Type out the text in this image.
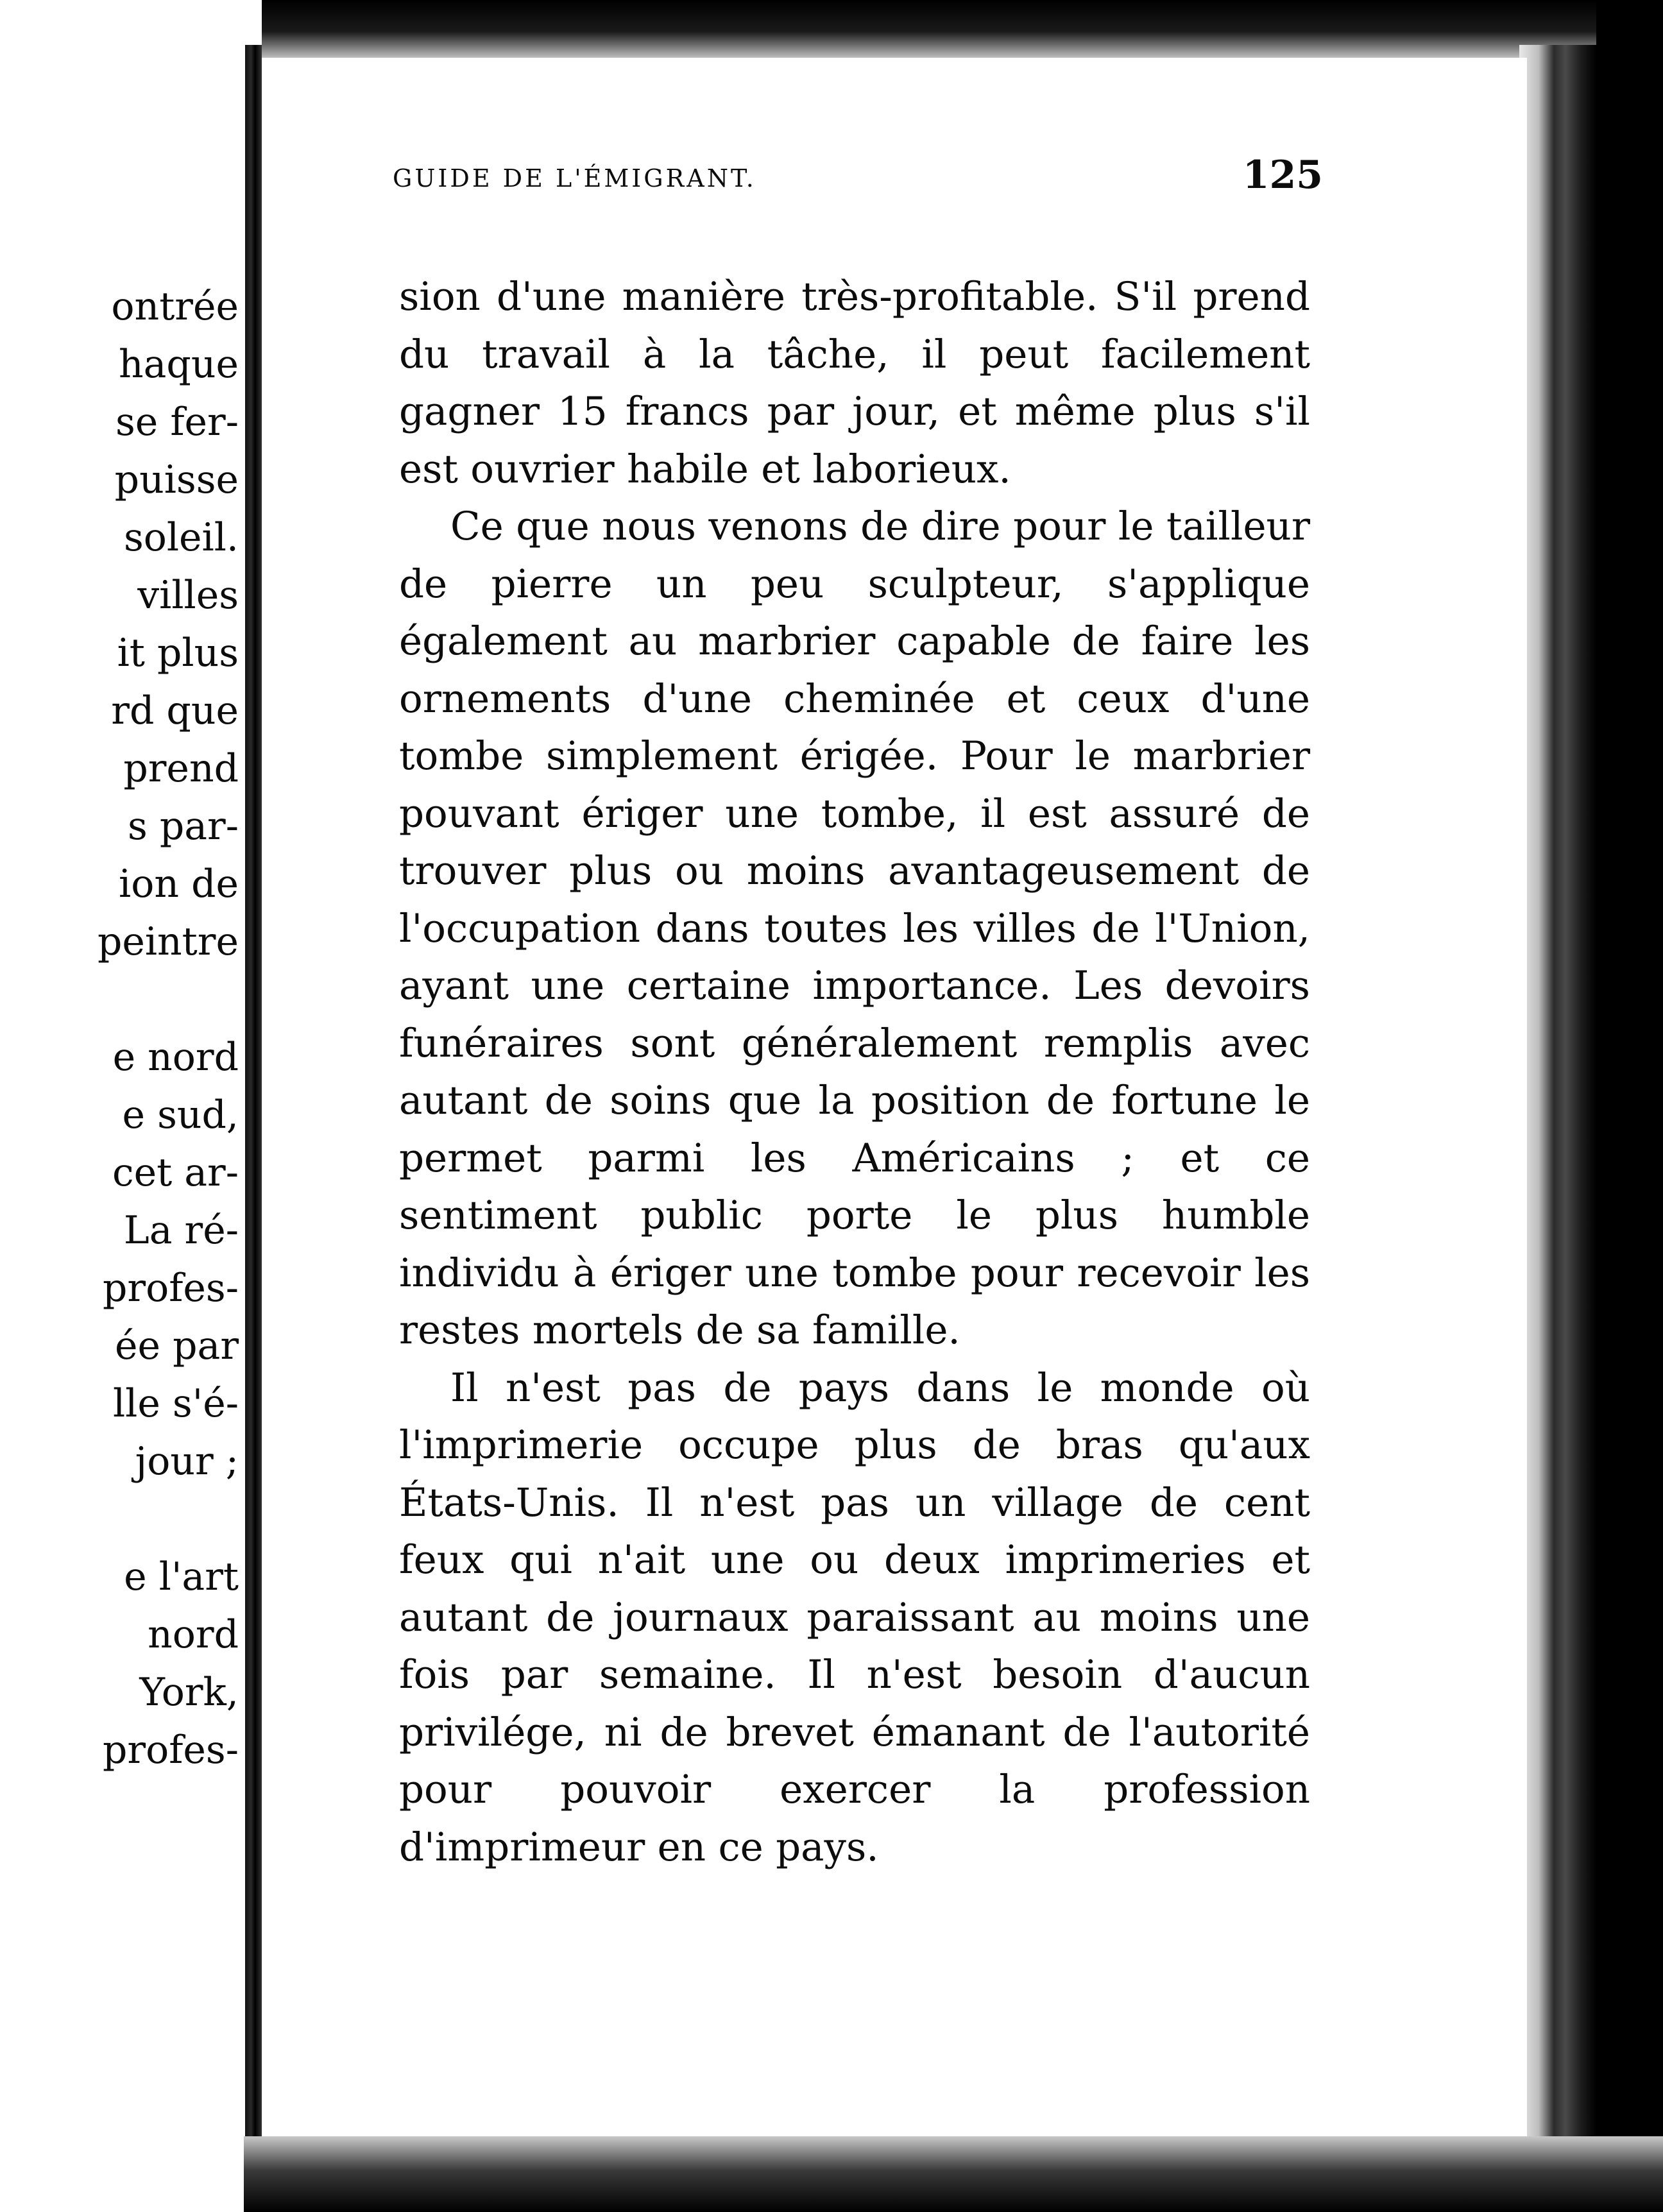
ontrée
haque
se fer-
puisse
soleil.
villes
it plus
rd que
prend
s par-
ion de
peintre
e nord
e sud,
cet ar-
La ré-
profes-
ée par
lle s'é-
jour ;
e l'art
nord
York,
profes-
GUIDE DE L'ÉMIGRANT.	125

sion d'une manière très-profitable. S'il prend du travail à la tâche, il peut facilement gagner 15 francs par jour, et même plus s'il est ouvrier habile et laborieux.

Ce que nous venons de dire pour le tailleur de pierre un peu sculpteur, s'applique également au marbrier capable de faire les ornements d'une cheminée et ceux d'une tombe simplement érigée. Pour le marbrier pouvant ériger une tombe, il est assuré de trouver plus ou moins avantageusement de l'occupation dans toutes les villes de l'Union, ayant une certaine importance. Les devoirs funéraires sont généralement remplis avec autant de soins que la position de fortune le permet parmi les Américains ; et ce sentiment public porte le plus humble individu à ériger une tombe pour recevoir les restes mortels de sa famille.

Il n'est pas de pays dans le monde où l'imprimerie occupe plus de bras qu'aux États-Unis. Il n'est pas un village de cent feux qui n'ait une ou deux imprimeries et autant de journaux paraissant au moins une fois par semaine. Il n'est besoin d'aucun privilége, ni de brevet émanant de l'autorité pour pouvoir exercer la profession d'imprimeur en ce pays.
